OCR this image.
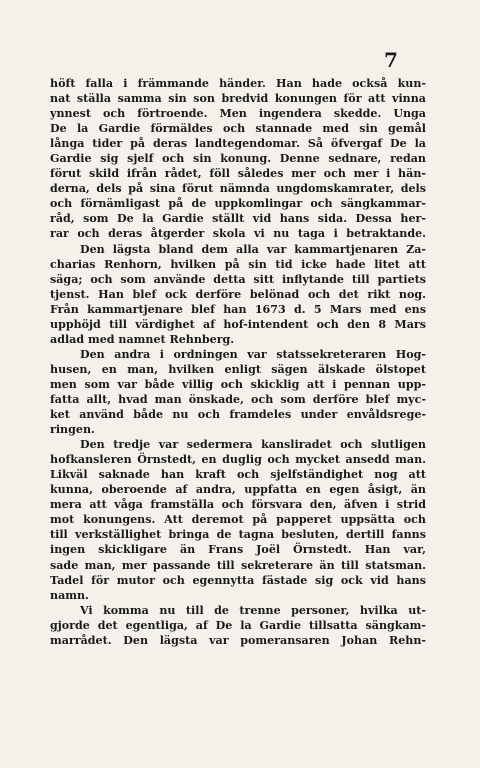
7
höft falla i främmande händer. Han hade också kun-
nat ställa samma sin son bredvid konungen för att vinna
ynnest och förtroende. Men ingendera skedde. Unga
De la Gardie förmäldes och stannade med sin gemål
långa tider på deras landtegendomar. Så öfvergaf De la
Gardie sig sjelf och sin konung. Denne sednare, redan
förut skild ifrån rådet, föll således mer och mer i hän-
derna, dels på sina förut nämnda ungdomskamrater, dels
och förnämligast på de uppkomlingar och sängkammar-
råd, som De la Gardie ställt vid hans sida. Dessa her-
rar och deras åtgerder skola vi nu taga i betraktande.
Den lägsta bland dem alla var kammartjenaren Za-
charias Renhorn, hvilken på sin tid icke hade litet att
säga; och som använde detta sitt inflytande till partiets
tjenst. Han blef ock derföre belönad och det rikt nog.
Från kammartjenare blef han 1673 d. 5 Mars med ens
upphöjd till värdighet af hof-intendent och den 8 Mars
adlad med namnet Rehnberg.
Den andra i ordningen var statssekreteraren Hog-
husen, en man, hvilken enligt sägen älskade ölstopet
men som var både villig och skicklig att i pennan upp-
fatta allt, hvad man önskade, och som derföre blef myc-
ket använd både nu och framdeles under envåldsrege-
ringen.
Den tredje var sedermera kansliradet och slutligen
hofkansleren Örnstedt, en duglig och mycket ansedd man.
Likväl saknade han kraft och sjelfständighet nog att
kunna, oberoende af andra, uppfatta en egen åsigt, än
mera att våga framställa och försvara den, äfven i strid
mot konungens. Att deremot på papperet uppsätta och
till verkställighet bringa de tagna besluten, dertill fanns
ingen skickligare än Frans Joël Örnstedt. Han var,
sade man, mer passande till sekreterare än till statsman.
Tadel för mutor och egennytta fästade sig ock vid hans
namn.
Vi komma nu till de trenne personer, hvilka ut-
gjorde det egentliga, af De la Gardie tillsatta sängkam-
marrådet. Den lägsta var pomeransaren Johan Rehn-
